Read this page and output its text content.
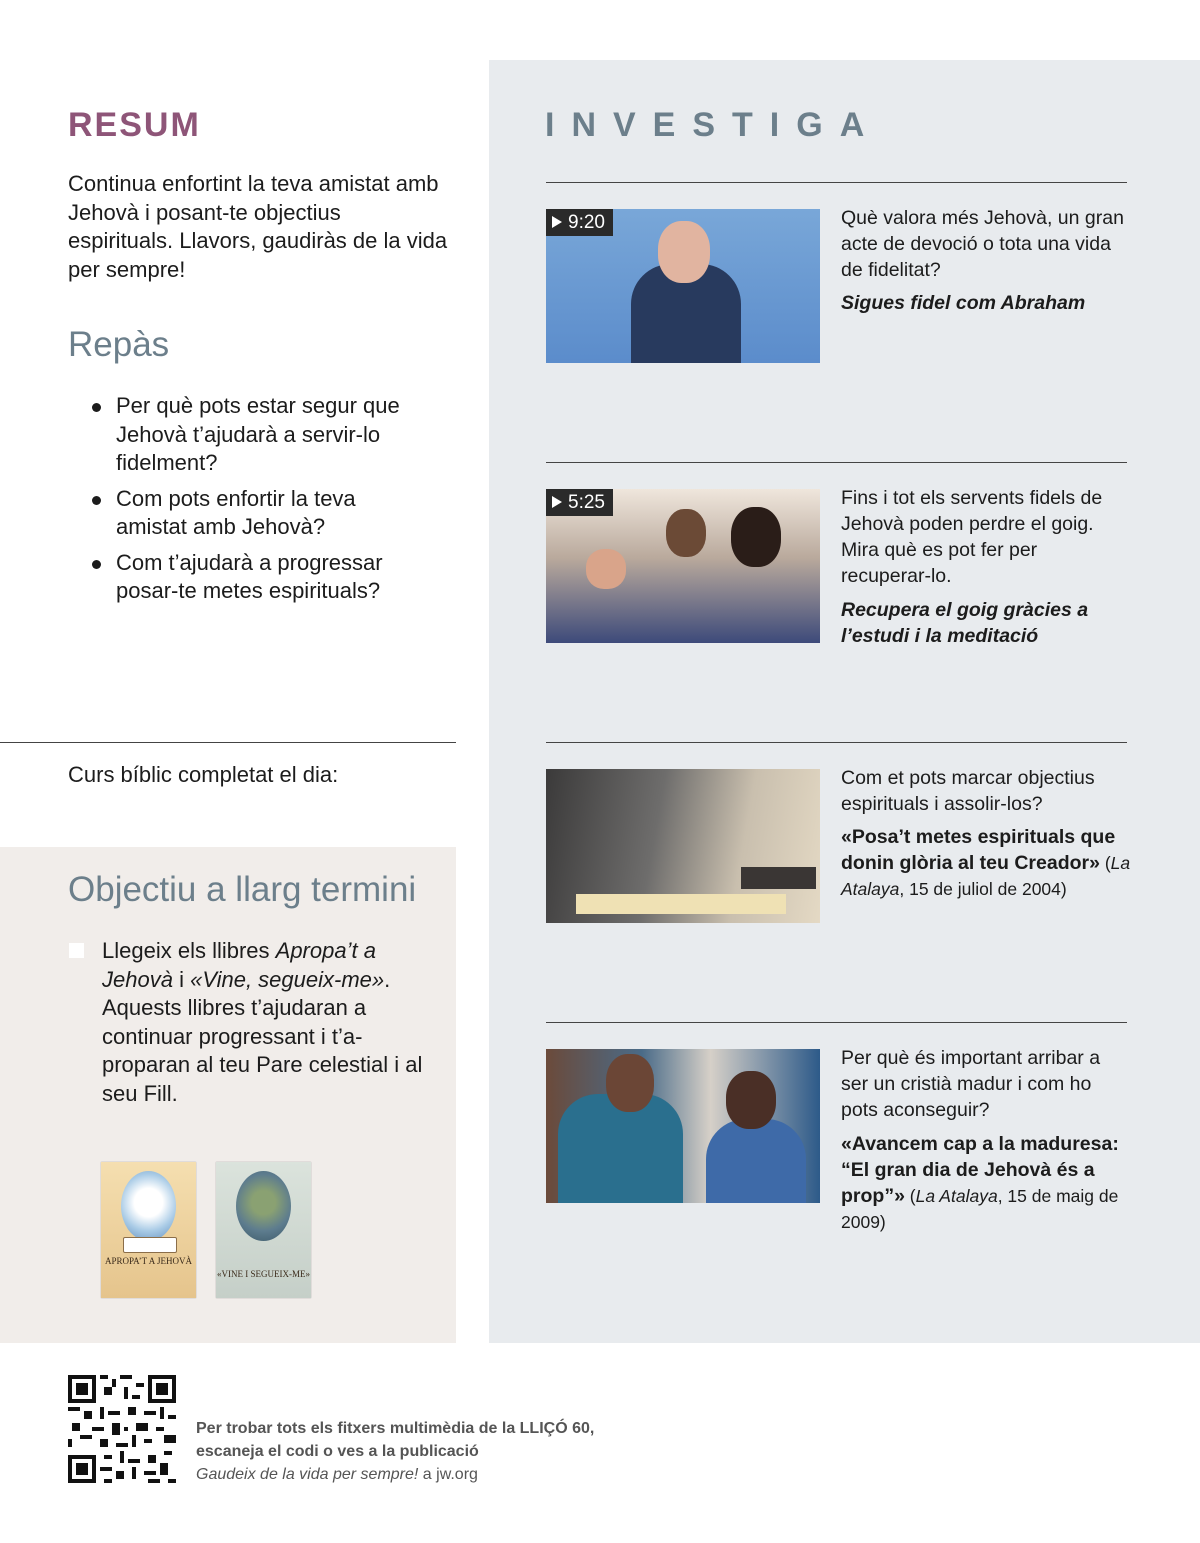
RESUM
Continua enfortint la teva amistat amb Jehovà i posant-te objectius espirituals. Llavors, gaudiràs de la vida per sempre!
Repàs
Per què pots estar segur que Jehovà t’ajudarà a servir-lo fidelment?
Com pots enfortir la teva amistat amb Jehovà?
Com t’ajudarà a progressar posar-te metes espirituals?
Curs bíblic completat el dia:
Objectiu a llarg termini
Llegeix els llibres Apropa’t a Jehovà i «Vine, segueix-me». Aquests llibres t’ajudaran a continuar progressant i t’aproparan al teu Pare celestial i al seu Fill.
APROPA’T A JEHOVÀ
«VINE I SEGUEIX-ME»
INVESTIGA
9:20	Què valora més Jehovà, un gran acte de devoció o tota una vida de fidelitat?
Sigues fidel com Abraham
5:25	Fins i tot els servents fidels de Jehovà poden perdre el goig. Mira què es pot fer per recuperar-lo.
Recupera el goig gràcies a l’estudi i la meditació
Com et pots marcar objectius espirituals i assolir-los?
«Posa’t metes espirituals que donin glòria al teu Creador» (La Atalaya, 15 de juliol de 2004)
Per què és important arribar a ser un cristià madur i com ho pots aconseguir?
«Avancem cap a la maduresa: “El gran dia de Jehovà és a prop”» (La Atalaya, 15 de maig de 2009)
Per trobar tots els fitxers multimèdia de la LLIÇÓ 60,
escaneja el codi o ves a la publicació
Gaudeix de la vida per sempre! a jw.org
